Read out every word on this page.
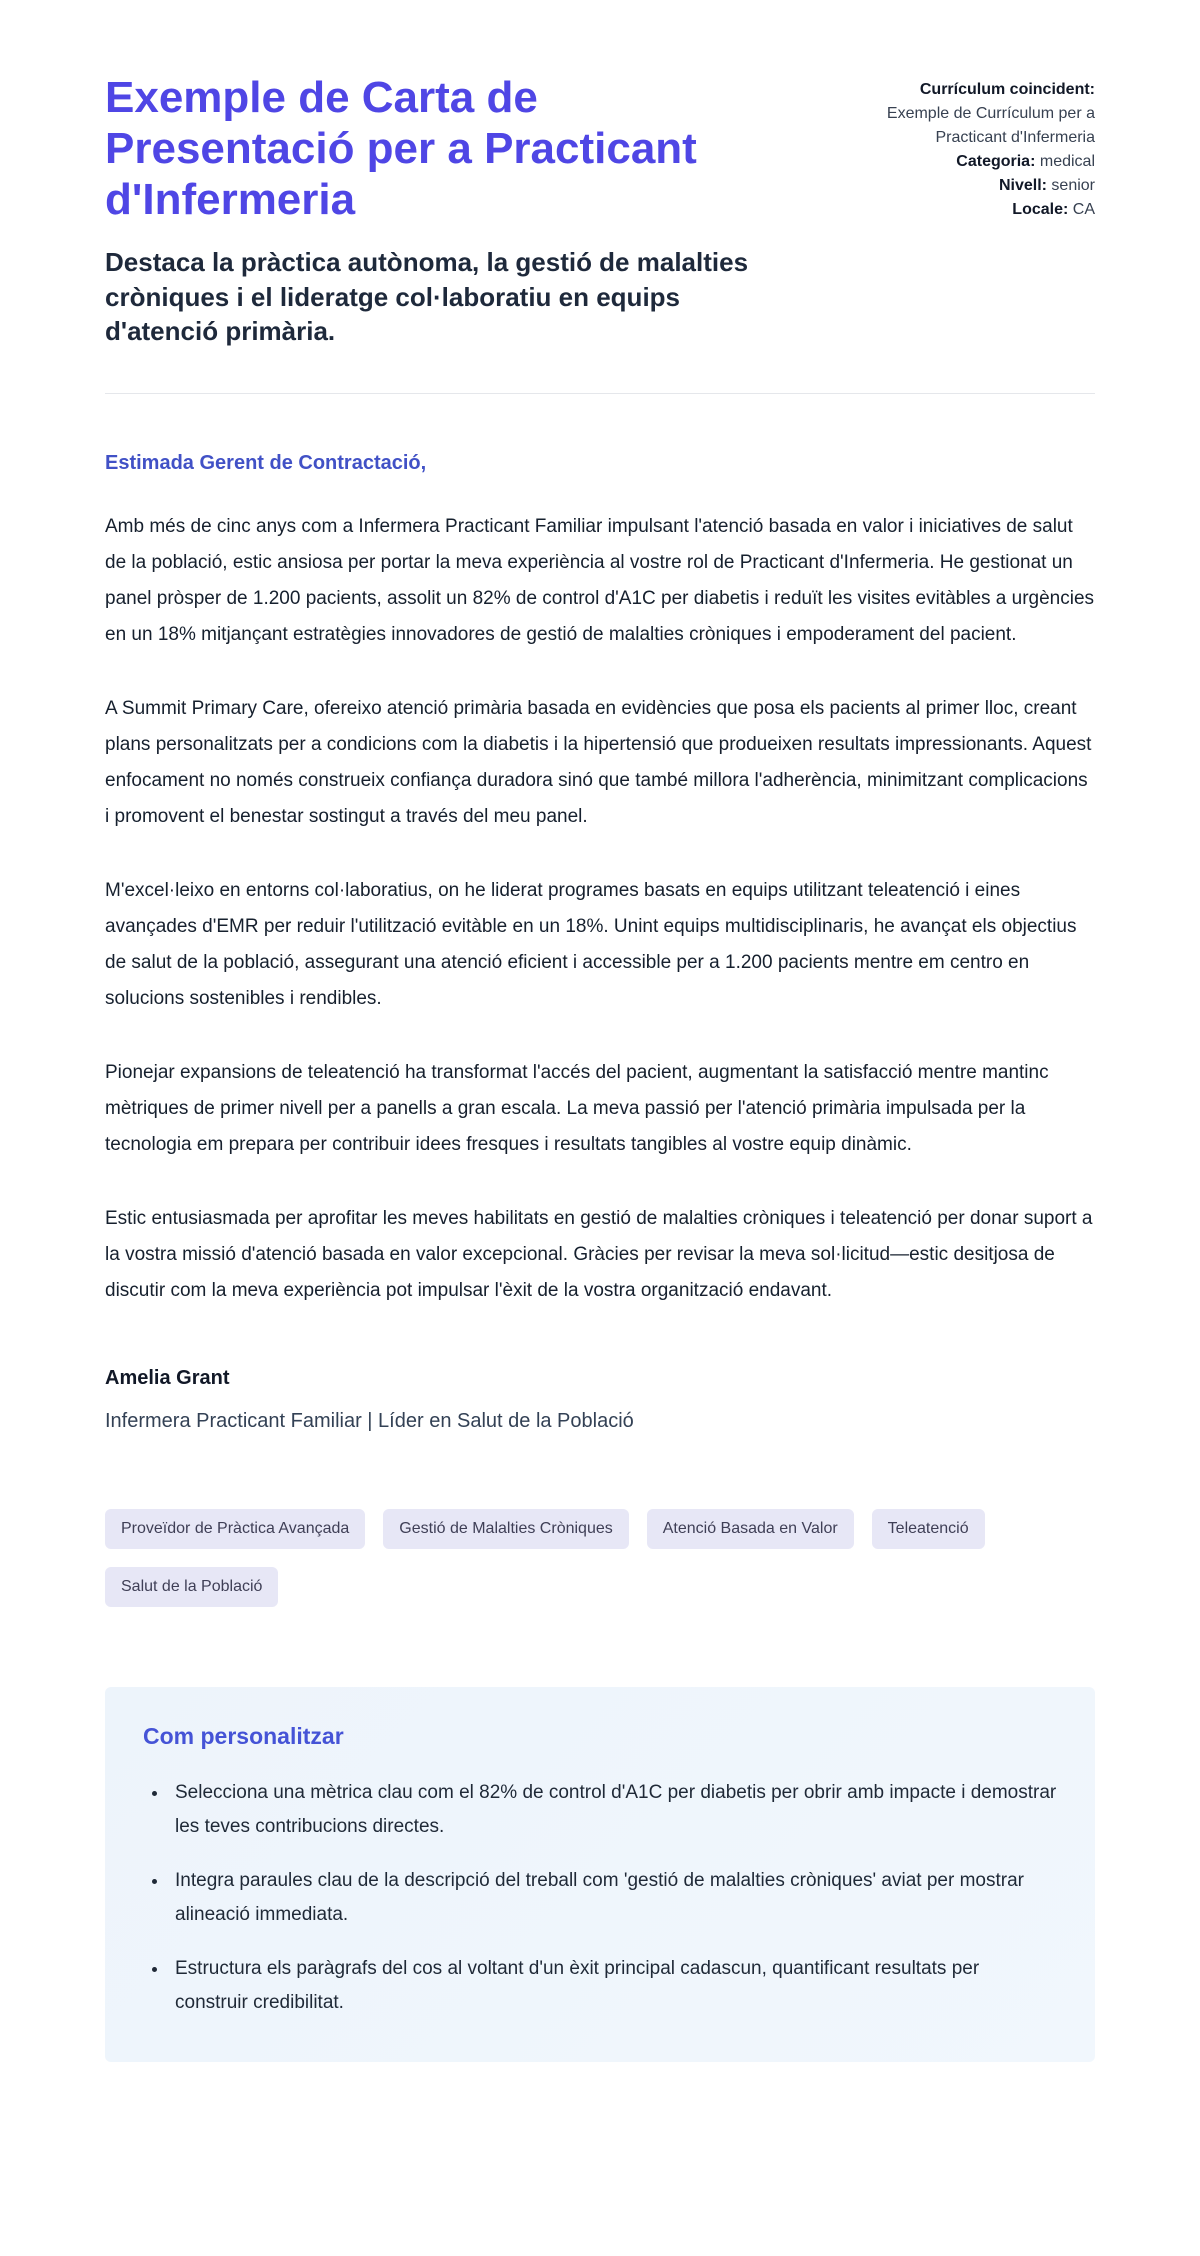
Exemple de Carta de Presentació per a Practicant d'Infermeria

Destaca la pràctica autònoma, la gestió de malalties cròniques i el lideratge col·laboratiu en equips d'atenció primària.

Currículum coincident:
Exemple de Currículum per a Practicant d'Infermeria
Categoria: medical
Nivell: senior
Locale: CA

Estimada Gerent de Contractació,

Amb més de cinc anys com a Infermera Practicant Familiar impulsant l'atenció basada en valor i iniciatives de salut de la població, estic ansiosa per portar la meva experiència al vostre rol de Practicant d'Infermeria. He gestionat un panel pròsper de 1.200 pacients, assolit un 82% de control d'A1C per diabetis i reduït les visites evitàbles a urgències en un 18% mitjançant estratègies innovadores de gestió de malalties cròniques i empoderament del pacient.

A Summit Primary Care, ofereixo atenció primària basada en evidències que posa els pacients al primer lloc, creant plans personalitzats per a condicions com la diabetis i la hipertensió que produeixen resultats impressionants. Aquest enfocament no només construeix confiança duradora sinó que també millora l'adherència, minimitzant complicacions i promovent el benestar sostingut a través del meu panel.

M'excel·leixo en entorns col·laboratius, on he liderat programes basats en equips utilitzant teleatenció i eines avançades d'EMR per reduir l'utilització evitàble en un 18%. Unint equips multidisciplinaris, he avançat els objectius de salut de la població, assegurant una atenció eficient i accessible per a 1.200 pacients mentre em centro en solucions sostenibles i rendibles.

Pionejar expansions de teleatenció ha transformat l'accés del pacient, augmentant la satisfacció mentre mantinc mètriques de primer nivell per a panells a gran escala. La meva passió per l'atenció primària impulsada per la tecnologia em prepara per contribuir idees fresques i resultats tangibles al vostre equip dinàmic.

Estic entusiasmada per aprofitar les meves habilitats en gestió de malalties cròniques i teleatenció per donar suport a la vostra missió d'atenció basada en valor excepcional. Gràcies per revisar la meva sol·licitud—estic desitjosa de discutir com la meva experiència pot impulsar l'èxit de la vostra organització endavant.

Amelia Grant

Infermera Practicant Familiar | Líder en Salut de la Població

Proveïdor de Pràctica Avançada	Gestió de Malalties Cròniques	Atenció Basada en Valor	Teleatenció
Salut de la Població
Com personalitzar
• Selecciona una mètrica clau com el 82% de control d'A1C per diabetis per obrir amb impacte i demostrar les teves contribucions directes.
• Integra paraules clau de la descripció del treball com 'gestió de malalties cròniques' aviat per mostrar alineació immediata.
• Estructura els paràgrafs del cos al voltant d'un èxit principal cadascun, quantificant resultats per construir credibilitat.
